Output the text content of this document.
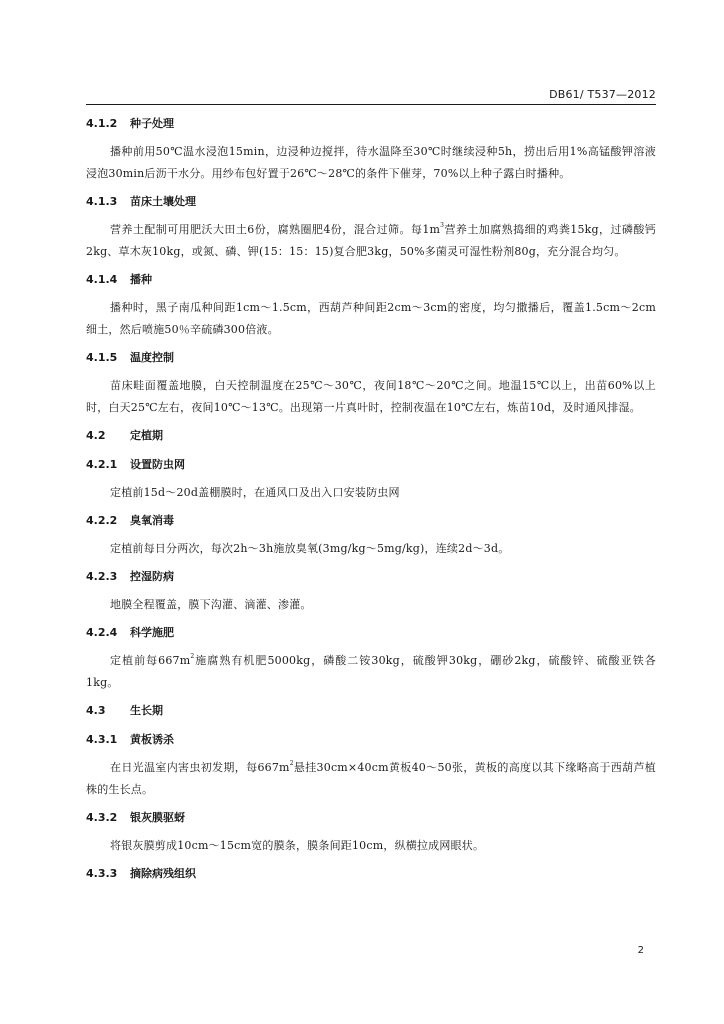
DB61/ T537—2012
4.1.2 种子处理
播种前用50℃温水浸泡15min，边浸种边搅拌，待水温降至30℃时继续浸种5h，捞出后用1%高锰酸钾溶液浸泡30min后沥干水分。用纱布包好置于26℃～28℃的条件下催芽，70%以上种子露白时播种。
4.1.3 苗床土壤处理
营养土配制可用肥沃大田土6份，腐熟圈肥4份，混合过筛。每$1m^3$营养土加腐熟捣细的鸡粪15kg，过磷酸钙2kg、草木灰10kg，或氮、磷、钾(15：15：15)复合肥3kg，50%多菌灵可湿性粉剂80g，充分混合均匀。
4.1.4 播种
播种时，黑子南瓜种间距1cm～1.5cm，西葫芦种间距2cm～3cm的密度，均匀撒播后，覆盖1.5cm～2cm细土，然后喷施50％辛硫磷300倍液。
4.1.5 温度控制
苗床畦面覆盖地膜，白天控制温度在25℃～30℃，夜间18℃～20℃之间。地温15℃以上，出苗60%以上时，白天25℃左右，夜间10℃～13℃。出现第一片真叶时，控制夜温在10℃左右，炼苗10d，及时通风排湿。
4.2 定植期
4.2.1 设置防虫网
定植前15d～20d盖棚膜时，在通风口及出入口安装防虫网
4.2.2 臭氧消毒
定植前每日分两次，每次2h～3h施放臭氧(3mg/kg～5mg/kg)，连续2d～3d。
4.2.3 控湿防病
地膜全程覆盖，膜下沟灌、滴灌、渗灌。
4.2.4 科学施肥
定植前每$667m^2$施腐熟有机肥5000kg，磷酸二铵30kg，硫酸钾30kg，硼砂2kg，硫酸锌、硫酸亚铁各1kg。
4.3 生长期
4.3.1 黄板诱杀
在日光温室内害虫初发期，每$667m^2$悬挂30cm×40cm黄板40～50张，黄板的高度以其下缘略高于西葫芦植株的生长点。
4.3.2 银灰膜驱蚜
将银灰膜剪成10cm～15cm宽的膜条，膜条间距10cm，纵横拉成网眼状。
4.3.3 摘除病残组织
2
